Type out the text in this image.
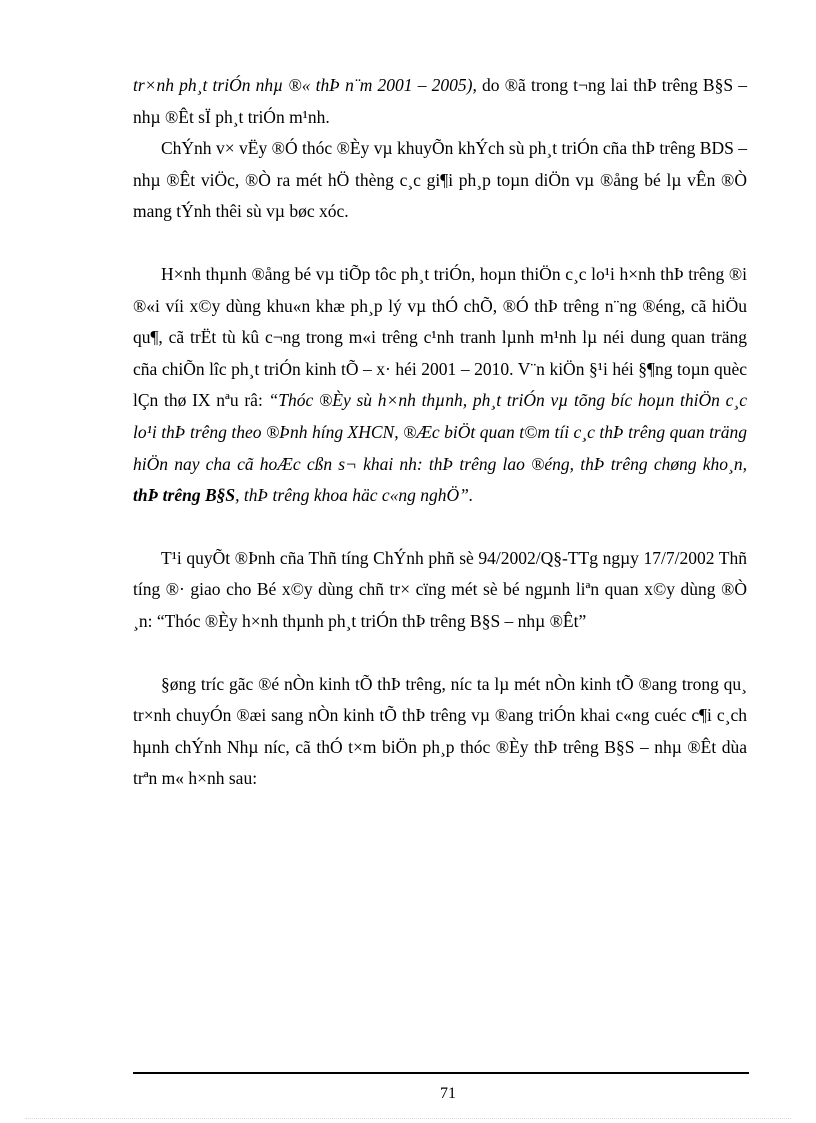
tr×nh ph¸t triÓn nhµ ®« thÞ n¨m 2001 – 2005), do ®ã trong t¬ng lai thÞ trêng B§S – nhµ ®Êt sÏ ph¸t triÓn m¹nh.

ChÝnh v× vËy ®Ó thóc ®Èy vµ khuyÕn khÝch sù ph¸t triÓn cña thÞ trêng BDS – nhµ ®Êt viÖc, ®Ò ra mét hÖ thèng c¸c gi¶i ph¸p toµn diÖn vµ ®ång bé lµ vÊn ®Ò mang tÝnh thêi sù vµ bøc xóc.

H×nh thµnh ®ång bé vµ tiÕp tôc ph¸t triÓn, hoµn thiÖn c¸c lo¹i h×nh thÞ trêng ®i ®«i víi x©y dùng khu«n khæ ph¸p lý vµ thÓ chÕ, ®Ó thÞ trêng n¨ng ®éng, cã hiÖu qu¶, cã trËt tù kû c¬ng trong m«i trêng c¹nh tranh lµnh m¹nh lµ néi dung quan träng cña chiÕn lîc ph¸t triÓn kinh tÕ – x· héi 2001 – 2010. V¨n kiÖn §¹i héi §¶ng toµn quèc lÇn thø IX nªu râ: “Thóc ®Èy sù h×nh thµnh, ph¸t triÓn vµ tõng bíc hoµn thiÖn c¸c lo¹i thÞ trêng theo ®Þnh híng XHCN, ®Æc biÖt quan t©m tíi c¸c thÞ trêng quan träng hiÖn nay cha cã hoÆc cßn s¬ khai nh: thÞ trêng lao ®éng, thÞ trêng chøng kho¸n, thÞ trêng B§S, thÞ trêng khoa häc c«ng nghÖ”.

T¹i quyÕt ®Þnh cña Thñ tíng ChÝnh phñ sè 94/2002/Q§-TTg ngµy 17/7/2002 Thñ tíng ®· giao cho Bé x©y dùng chñ tr× cïng mét sè bé ngµnh liªn quan x©y dùng ®Ò ¸n: “Thóc ®Èy h×nh thµnh ph¸t triÓn thÞ trêng B§S – nhµ ®Êt”

§øng tríc gãc ®é nÒn kinh tÕ thÞ trêng, níc ta lµ mét nÒn kinh tÕ ®ang trong qu¸ tr×nh chuyÓn ®æi sang nÒn kinh tÕ thÞ trêng vµ ®ang triÓn khai c«ng cuéc c¶i c¸ch hµnh chÝnh Nhµ níc, cã thÓ t×m biÖn ph¸p thóc ®Èy thÞ trêng B§S – nhµ ®Êt dùa trªn m« h×nh sau:

71
